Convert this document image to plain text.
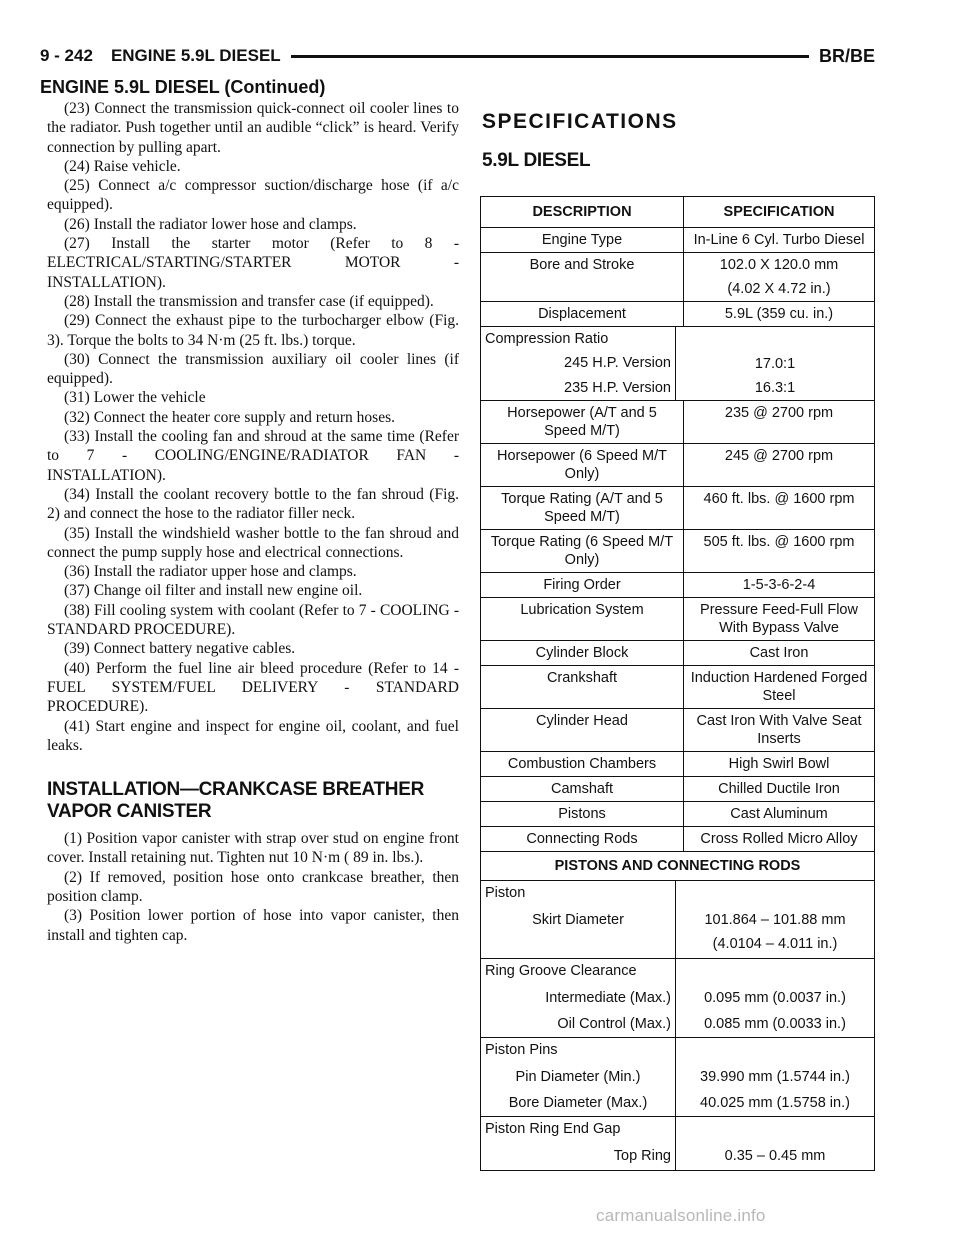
9 - 242 ENGINE 5.9L DIESEL	BR/BE
ENGINE 5.9L DIESEL (Continued)

(23) Connect the transmission quick-connect oil cooler lines to the radiator. Push together until an audible “click” is heard. Verify connection by pulling apart.

(24) Raise vehicle.

(25) Connect a/c compressor suction/discharge hose (if a/c equipped).

(26) Install the radiator lower hose and clamps.

(27) Install the starter motor (Refer to 8 - ELECTRICAL/STARTING/STARTER MOTOR - INSTALLATION).

(28) Install the transmission and transfer case (if equipped).

(29) Connect the exhaust pipe to the turbocharger elbow (Fig. 3). Torque the bolts to 34 N·m (25 ft. lbs.) torque.

(30) Connect the transmission auxiliary oil cooler lines (if equipped).

(31) Lower the vehicle

(32) Connect the heater core supply and return hoses.

(33) Install the cooling fan and shroud at the same time (Refer to 7 - COOLING/ENGINE/RADIATOR FAN - INSTALLATION).

(34) Install the coolant recovery bottle to the fan shroud (Fig. 2) and connect the hose to the radiator filler neck.

(35) Install the windshield washer bottle to the fan shroud and connect the pump supply hose and electrical connections.

(36) Install the radiator upper hose and clamps.

(37) Change oil filter and install new engine oil.

(38) Fill cooling system with coolant (Refer to 7 - COOLING - STANDARD PROCEDURE).

(39) Connect battery negative cables.

(40) Perform the fuel line air bleed procedure (Refer to 14 - FUEL SYSTEM/FUEL DELIVERY - STANDARD PROCEDURE).

(41) Start engine and inspect for engine oil, coolant, and fuel leaks.

INSTALLATION—CRANKCASE BREATHER
VAPOR CANISTER

(1) Position vapor canister with strap over stud on engine front cover. Install retaining nut. Tighten nut 10 N·m ( 89 in. lbs.).

(2) If removed, position hose onto crankcase breather, then position clamp.

(3) Position lower portion of hose into vapor canister, then install and tighten cap.

SPECIFICATIONS
5.9L DIESEL
DESCRIPTION	SPECIFICATION
Engine Type	In-Line 6 Cyl. Turbo Diesel
Bore and Stroke	102.0 X 120.0 mm
(4.02 X 4.72 in.)

Displacement	5.9L (359 cu. in.)

Compression Ratio
245 H.P. Version 17.0:1
235 H.P. Version 16.3:1	

Horsepower (A/T and 5 Speed M/T)	235 @ 2700 rpm
Horsepower (6 Speed M/T Only)	245 @ 2700 rpm
Torque Rating (A/T and 5 Speed M/T)	460 ft. lbs. @ 1600 rpm
Torque Rating (6 Speed M/T Only)	505 ft. lbs. @ 1600 rpm
Firing Order	1-5-3-6-2-4
Lubrication System	Pressure Feed-Full Flow With Bypass Valve
Cylinder Block	Cast Iron
Crankshaft	Induction Hardened Forged Steel
Cylinder Head	Cast Iron With Valve Seat Inserts
Combustion Chambers	High Swirl Bowl
Camshaft	Chilled Ductile Iron
Pistons	Cast Aluminum
Connecting Rods	Cross Rolled Micro Alloy
PISTONS AND CONNECTING RODS	

Piston
Skirt Diameter 101.864 – 101.88 mm
(4.0104 – 4.011 in.)	

Ring Groove Clearance
Intermediate (Max.) 0.095 mm (0.0037 in.)
Oil Control (Max.) 0.085 mm (0.0033 in.)	

Piston Pins
Pin Diameter (Min.) 39.990 mm (1.5744 in.)
Bore Diameter (Max.) 40.025 mm (1.5758 in.)	

Piston Ring End Gap
Top Ring 0.35 – 0.45 mm	
carmanualsonline.info
